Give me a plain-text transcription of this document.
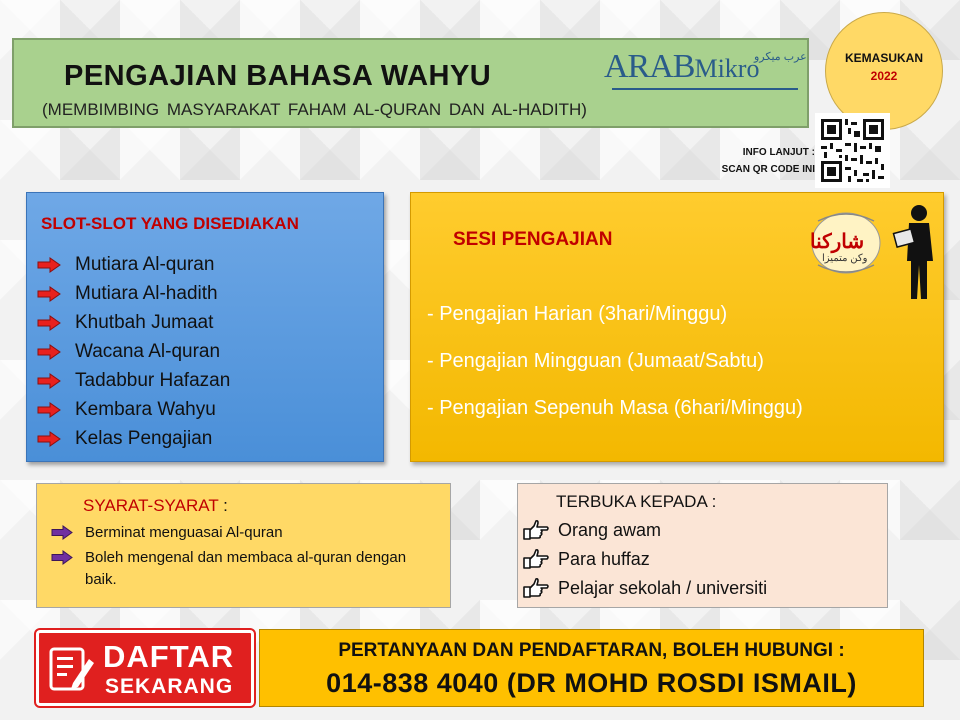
PENGAJIAN BAHASA WAHYU
(MEMBIMBING MASYARAKAT FAHAM AL-QURAN DAN AL-HADITH)
ARABMikro
عرب ميكرو	KEMASUKAN
2022
INFO LANJUT :
SCAN QR CODE INI
SLOT-SLOT YANG DISEDIAKAN
Mutiara Al-quran
Mutiara Al-hadith
Khutbah Jumaat
Wacana Al-quran
Tadabbur Hafazan
Kembara Wahyu
Kelas Pengajian
SESI PENGAJIAN
- Pengajian Harian (3hari/Minggu)
- Pengajian Mingguan (Jumaat/Sabtu)
- Pengajian Sepenuh Masa (6hari/Minggu)
شاركنا
وكن متميزا
SYARAT-SYARAT :
Berminat menguasai Al-quran
Boleh mengenal dan membaca al-quran dengan baik.
TERBUKA KEPADA :
Orang awam
Para huffaz
Pelajar sekolah / universiti
DAFTAR
SEKARANG
PERTANYAAN DAN PENDAFTARAN, BOLEH HUBUNGI :
014-838 4040 (DR MOHD ROSDI ISMAIL)
